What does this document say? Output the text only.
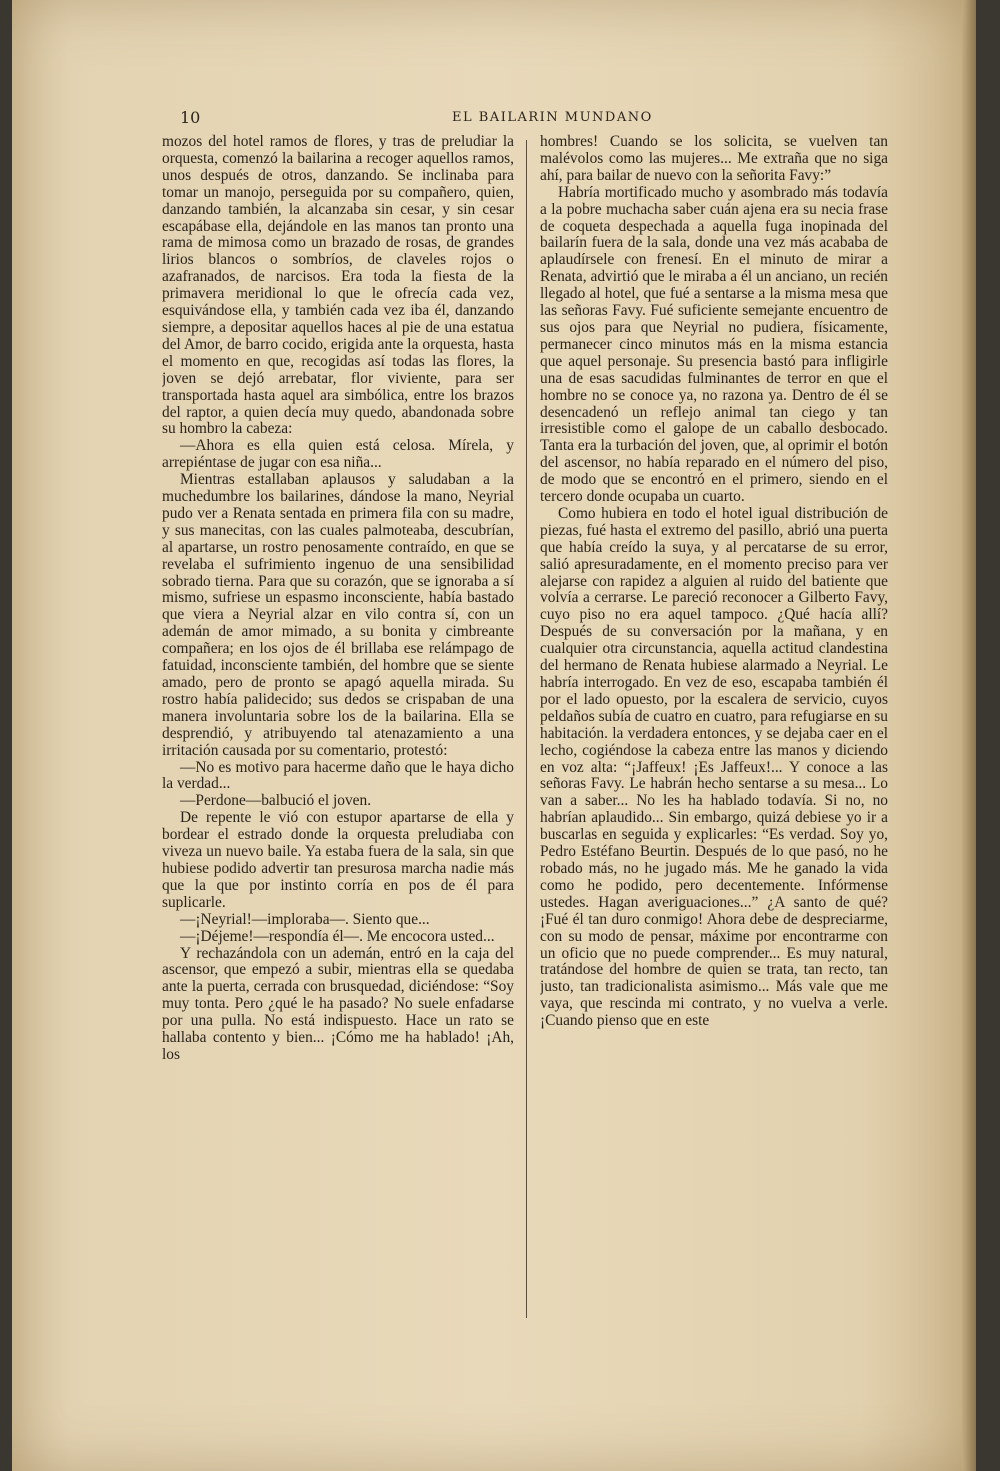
10	EL BAILARIN MUNDANO

mozos del hotel ramos de flores, y tras de preludiar la orquesta, comenzó la bailarina a recoger aquellos ramos, unos después de otros, danzando. Se inclinaba para tomar un manojo, perseguida por su compañero, quien, danzando también, la alcanzaba sin cesar, y sin cesar escapábase ella, dejándole en las manos tan pronto una rama de mimosa como un brazado de rosas, de grandes lirios blancos o sombríos, de claveles rojos o azafranados, de narcisos. Era toda la fiesta de la primavera meridional lo que le ofrecía cada vez, esquivándose ella, y también cada vez iba él, danzando siempre, a depositar aquellos haces al pie de una estatua del Amor, de barro cocido, erigida ante la orquesta, hasta el momento en que, recogidas así todas las flores, la joven se dejó arrebatar, flor viviente, para ser transportada hasta aquel ara simbólica, entre los brazos del raptor, a quien decía muy quedo, abandonada sobre su hombro la cabeza:

—Ahora es ella quien está celosa. Mírela, y arrepiéntase de jugar con esa niña...

Mientras estallaban aplausos y saludaban a la muchedumbre los bailarines, dándose la mano, Neyrial pudo ver a Renata sentada en primera fila con su madre, y sus manecitas, con las cuales palmoteaba, descubrían, al apartarse, un rostro penosamente contraído, en que se revelaba el sufrimiento ingenuo de una sensibilidad sobrado tierna. Para que su corazón, que se ignoraba a sí mismo, sufriese un espasmo inconsciente, había bastado que viera a Neyrial alzar en vilo contra sí, con un ademán de amor mimado, a su bonita y cimbreante compañera; en los ojos de él brillaba ese relámpago de fatuidad, inconsciente también, del hombre que se siente amado, pero de pronto se apagó aquella mirada. Su rostro había palidecido; sus dedos se crispaban de una manera involuntaria sobre los de la bailarina. Ella se desprendió, y atribuyendo tal atenazamiento a una irritación causada por su comentario, protestó:

—No es motivo para hacerme daño que le haya dicho la verdad...

—Perdone—balbució el joven.

De repente le vió con estupor apartarse de ella y bordear el estrado donde la orquesta preludiaba con viveza un nuevo baile. Ya estaba fuera de la sala, sin que hubiese podido advertir tan presurosa marcha nadie más que la que por instinto corría en pos de él para suplicarle.

—¡Neyrial!—imploraba—. Siento que...

—¡Déjeme!—respondía él—. Me encocora usted...

Y rechazándola con un ademán, entró en la caja del ascensor, que empezó a subir, mientras ella se quedaba ante la puerta, cerrada con brusquedad, diciéndose: “Soy muy tonta. Pero ¿qué le ha pasado? No suele enfadarse por una pulla. No está indispuesto. Hace un rato se hallaba contento y bien... ¡Cómo me ha hablado! ¡Ah, los

hombres! Cuando se los solicita, se vuelven tan malévolos como las mujeres... Me extraña que no siga ahí, para bailar de nuevo con la señorita Favy:”

Habría mortificado mucho y asombrado más todavía a la pobre muchacha saber cuán ajena era su necia frase de coqueta despechada a aquella fuga inopinada del bailarín fuera de la sala, donde una vez más acababa de aplaudírsele con frenesí. En el minuto de mirar a Renata, advirtió que le miraba a él un anciano, un recién llegado al hotel, que fué a sentarse a la misma mesa que las señoras Favy. Fué suficiente semejante encuentro de sus ojos para que Neyrial no pudiera, físicamente, permanecer cinco minutos más en la misma estancia que aquel personaje. Su presencia bastó para infligirle una de esas sacudidas fulminantes de terror en que el hombre no se conoce ya, no razona ya. Dentro de él se desencadenó un reflejo animal tan ciego y tan irresistible como el galope de un caballo desbocado. Tanta era la turbación del joven, que, al oprimir el botón del ascensor, no había reparado en el número del piso, de modo que se encontró en el primero, siendo en el tercero donde ocupaba un cuarto.

Como hubiera en todo el hotel igual distribución de piezas, fué hasta el extremo del pasillo, abrió una puerta que había creído la suya, y al percatarse de su error, salió apresuradamente, en el momento preciso para ver alejarse con rapidez a alguien al ruido del batiente que volvía a cerrarse. Le pareció reconocer a Gilberto Favy, cuyo piso no era aquel tampoco. ¿Qué hacía allí? Después de su conversación por la mañana, y en cualquier otra circunstancia, aquella actitud clandestina del hermano de Renata hubiese alarmado a Neyrial. Le habría interrogado. En vez de eso, escapaba también él por el lado opuesto, por la escalera de servicio, cuyos peldaños subía de cuatro en cuatro, para refugiarse en su habitación. la verdadera entonces, y se dejaba caer en el lecho, cogiéndose la cabeza entre las manos y diciendo en voz alta: “¡Jaffeux! ¡Es Jaffeux!... Y conoce a las señoras Favy. Le habrán hecho sentarse a su mesa... Lo van a saber... No les ha hablado todavía. Si no, no habrían aplaudido... Sin embargo, quizá debiese yo ir a buscarlas en seguida y explicarles: “Es verdad. Soy yo, Pedro Estéfano Beurtin. Después de lo que pasó, no he robado más, no he jugado más. Me he ganado la vida como he podido, pero decentemente. Infórmense ustedes. Hagan averiguaciones...” ¿A santo de qué? ¡Fué él tan duro conmigo! Ahora debe de despreciarme, con su modo de pensar, máxime por encontrarme con un oficio que no puede comprender... Es muy natural, tratándose del hombre de quien se trata, tan recto, tan justo, tan tradicionalista asimismo... Más vale que me vaya, que rescinda mi contrato, y no vuelva a verle. ¡Cuando pienso que en este
